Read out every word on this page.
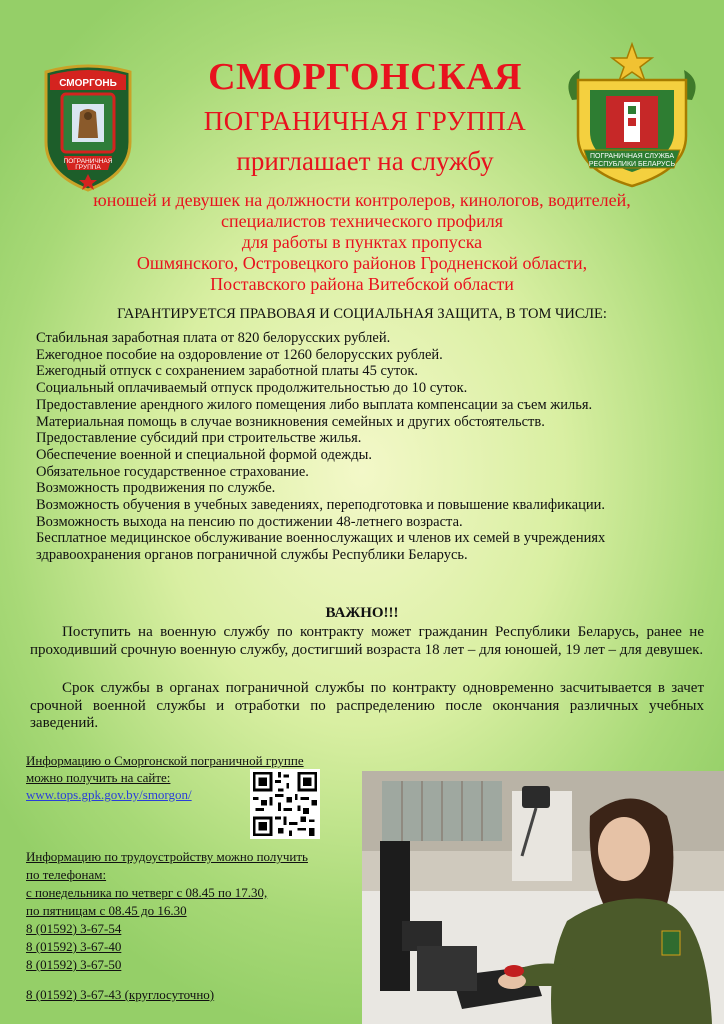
СМОРГОНЬ
ПОГРАНИЧНАЯ
ГРУППА
ПОГРАНИЧНАЯ СЛУЖБА
РЕСПУБЛИКИ БЕЛАРУСЬ
СМОРГОНСКАЯ
ПОГРАНИЧНАЯ ГРУППА
приглашает на службу
юношей и девушек на должности контролеров, кинологов, водителей,
специалистов технического профиля
для работы в пунктах пропуска
Ошмянского, Островецкого районов Гродненской области,
Поставского района Витебской области
ГАРАНТИРУЕТСЯ ПРАВОВАЯ И СОЦИАЛЬНАЯ ЗАЩИТА, В ТОМ ЧИСЛЕ:
Стабильная заработная плата от 820 белорусских рублей.
Ежегодное пособие на оздоровление от 1260 белорусских рублей.
Ежегодный отпуск с сохранением заработной платы 45 суток.
Социальный оплачиваемый отпуск продолжительностью до 10 суток.
Предоставление арендного жилого помещения либо выплата компенсации за съем жилья.
Материальная помощь в случае возникновения семейных и других обстоятельств.
Предоставление субсидий при строительстве жилья.
Обеспечение военной и специальной формой одежды.
Обязательное государственное страхование.
Возможность продвижения по службе.
Возможность обучения в учебных заведениях, переподготовка и повышение квалификации.
Возможность выхода на пенсию по достижении 48-летнего возраста.
Бесплатное медицинское обслуживание военнослужащих и членов их семей в учреждениях
здравоохранения органов пограничной службы Республики Беларусь.
ВАЖНО!!!
Поступить на военную службу по контракту может гражданин Республики Беларусь, ранее не проходивший срочную военную службу, достигший возраста 18 лет – для юношей, 19 лет – для девушек.
Срок службы в органах пограничной службы по контракту одновременно засчитывается в зачет срочной военной службы и отработки по распределению после окончания различных учебных заведений.
Информацию о Сморгонской пограничной группе
можно получить на сайте:
www.tops.gpk.gov.by/smorgon/
Информацию по трудоустройству можно получить
по телефонам:
с понедельника по четверг с 08.45 по 17.30,
по пятницам с 08.45 до 16.30
8 (01592) 3-67-54
8 (01592) 3-67-40
8 (01592) 3-67-50
8 (01592) 3-67-43 (круглосуточно)
